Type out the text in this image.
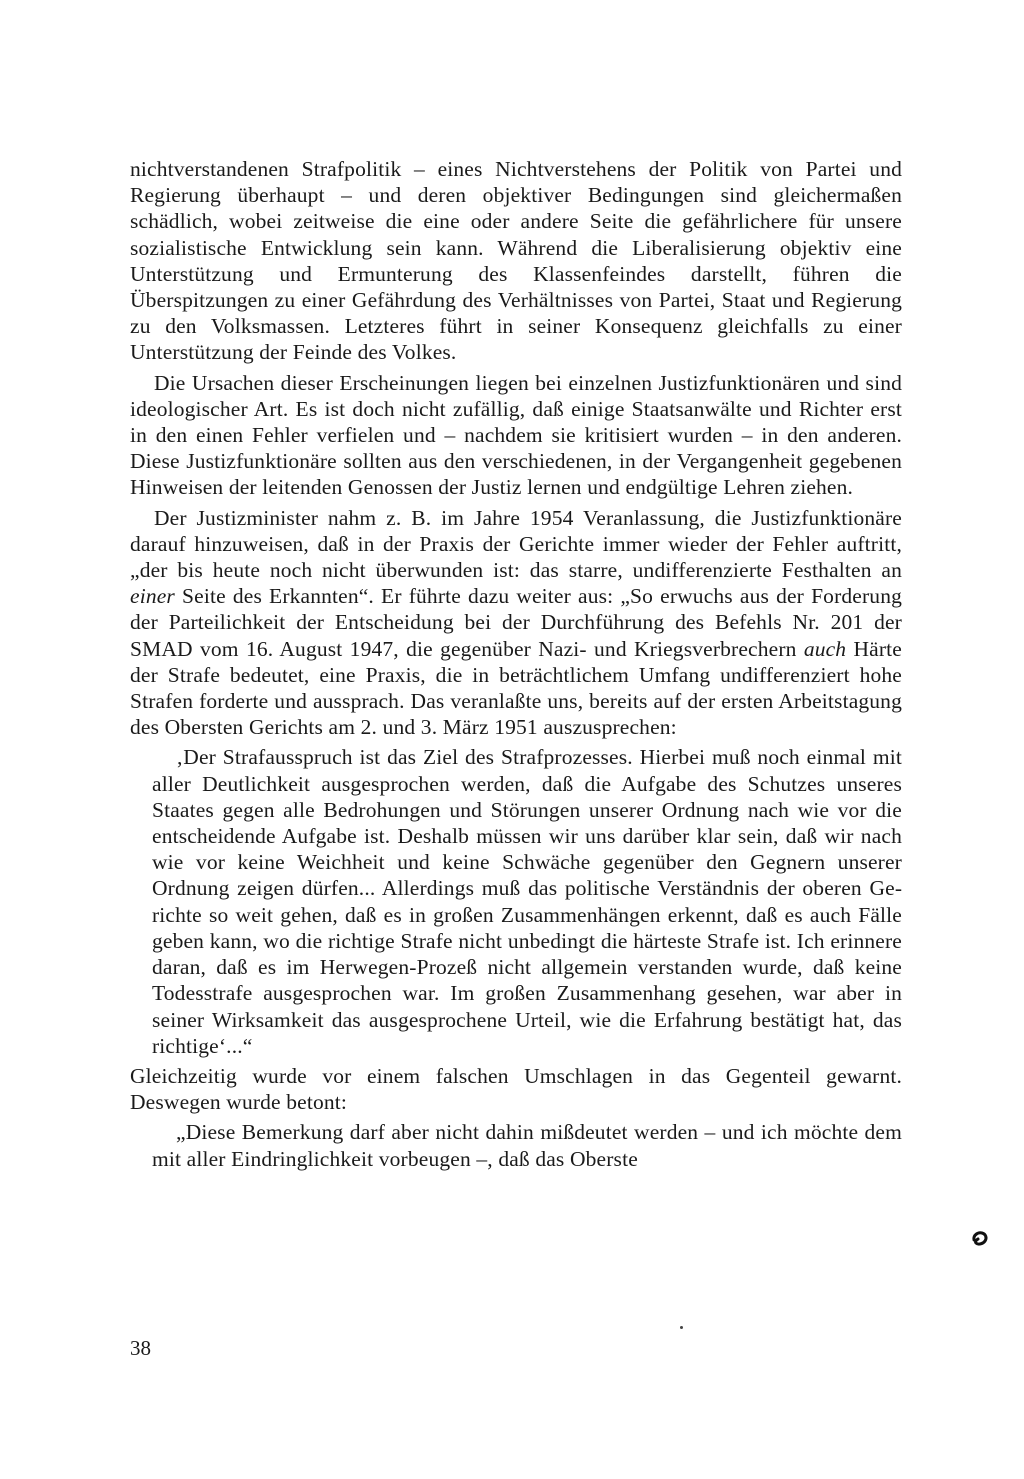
nichtverstandenen Strafpolitik – eines Nichtverstehens der Politik von Partei und Regierung überhaupt – und deren objektiver Bedingungen sind gleichermaßen schädlich, wobei zeitweise die eine oder andere Seite die gefährlichere für unsere sozialistische Entwicklung sein kann. Während die Liberalisierung objektiv eine Unterstützung und Ermunterung des Klassenfeindes darstellt, führen die Überspitzungen zu einer Gefährdung des Verhältnisses von Partei, Staat und Regierung zu den Volksmassen. Letzteres führt in seiner Konsequenz gleichfalls zu einer Unterstützung der Feinde des Volkes.

Die Ursachen dieser Erscheinungen liegen bei einzelnen Justizfunktionären und sind ideologischer Art. Es ist doch nicht zufällig, daß einige Staatsanwälte und Richter erst in den einen Fehler verfielen und – nachdem sie kritisiert wurden – in den anderen. Diese Justizfunktionäre sollten aus den verschiedenen, in der Vergangenheit gegebenen Hinweisen der leitenden Genossen der Justiz lernen und endgültige Lehren ziehen.

Der Justizminister nahm z. B. im Jahre 1954 Veranlassung, die Justizfunktionäre darauf hinzuweisen, daß in der Praxis der Gerichte immer wieder der Fehler auftritt, „der bis heute noch nicht überwunden ist: das starre, undifferenzierte Festhalten an einer Seite des Erkannten“. Er führte dazu weiter aus: „So erwuchs aus der Forderung der Parteilichkeit der Entscheidung bei der Durchführung des Befehls Nr. 201 der SMAD vom 16. August 1947, die gegenüber Nazi- und Kriegsverbrechern auch Härte der Strafe bedeutet, eine Praxis, die in beträchtlichem Umfang undifferenziert hohe Strafen forderte und aussprach. Das veranlaßte uns, bereits auf der ersten Arbeitstagung des Obersten Gerichts am 2. und 3. März 1951 auszusprechen:

‚Der Strafausspruch ist das Ziel des Strafprozesses. Hierbei muß noch einmal mit aller Deutlichkeit ausgesprochen werden, daß die Aufgabe des Schutzes unseres Staates gegen alle Bedrohungen und Störungen unserer Ordnung nach wie vor die entscheidende Aufgabe ist. Deshalb müssen wir uns darüber klar sein, daß wir nach wie vor keine Weichheit und keine Schwäche gegenüber den Gegnern unserer Ordnung zeigen dürfen... Allerdings muß das politische Verständnis der oberen Gerichte so weit gehen, daß es in großen Zusammenhängen erkennt, daß es auch Fälle geben kann, wo die richtige Strafe nicht unbedingt die härteste Strafe ist. Ich erinnere daran, daß es im Herwegen-Prozeß nicht allgemein verstanden wurde, daß keine Todesstrafe ausgesprochen war. Im großen Zusammenhang gesehen, war aber in seiner Wirksamkeit das ausgesprochene Urteil, wie die Erfahrung bestätigt hat, das richtige‘...“

Gleichzeitig wurde vor einem falschen Umschlagen in das Gegenteil gewarnt. Deswegen wurde betont:

„Diese Bemerkung darf aber nicht dahin mißdeutet werden – und ich möchte dem mit aller Eindringlichkeit vorbeugen –, daß das Oberste

38
